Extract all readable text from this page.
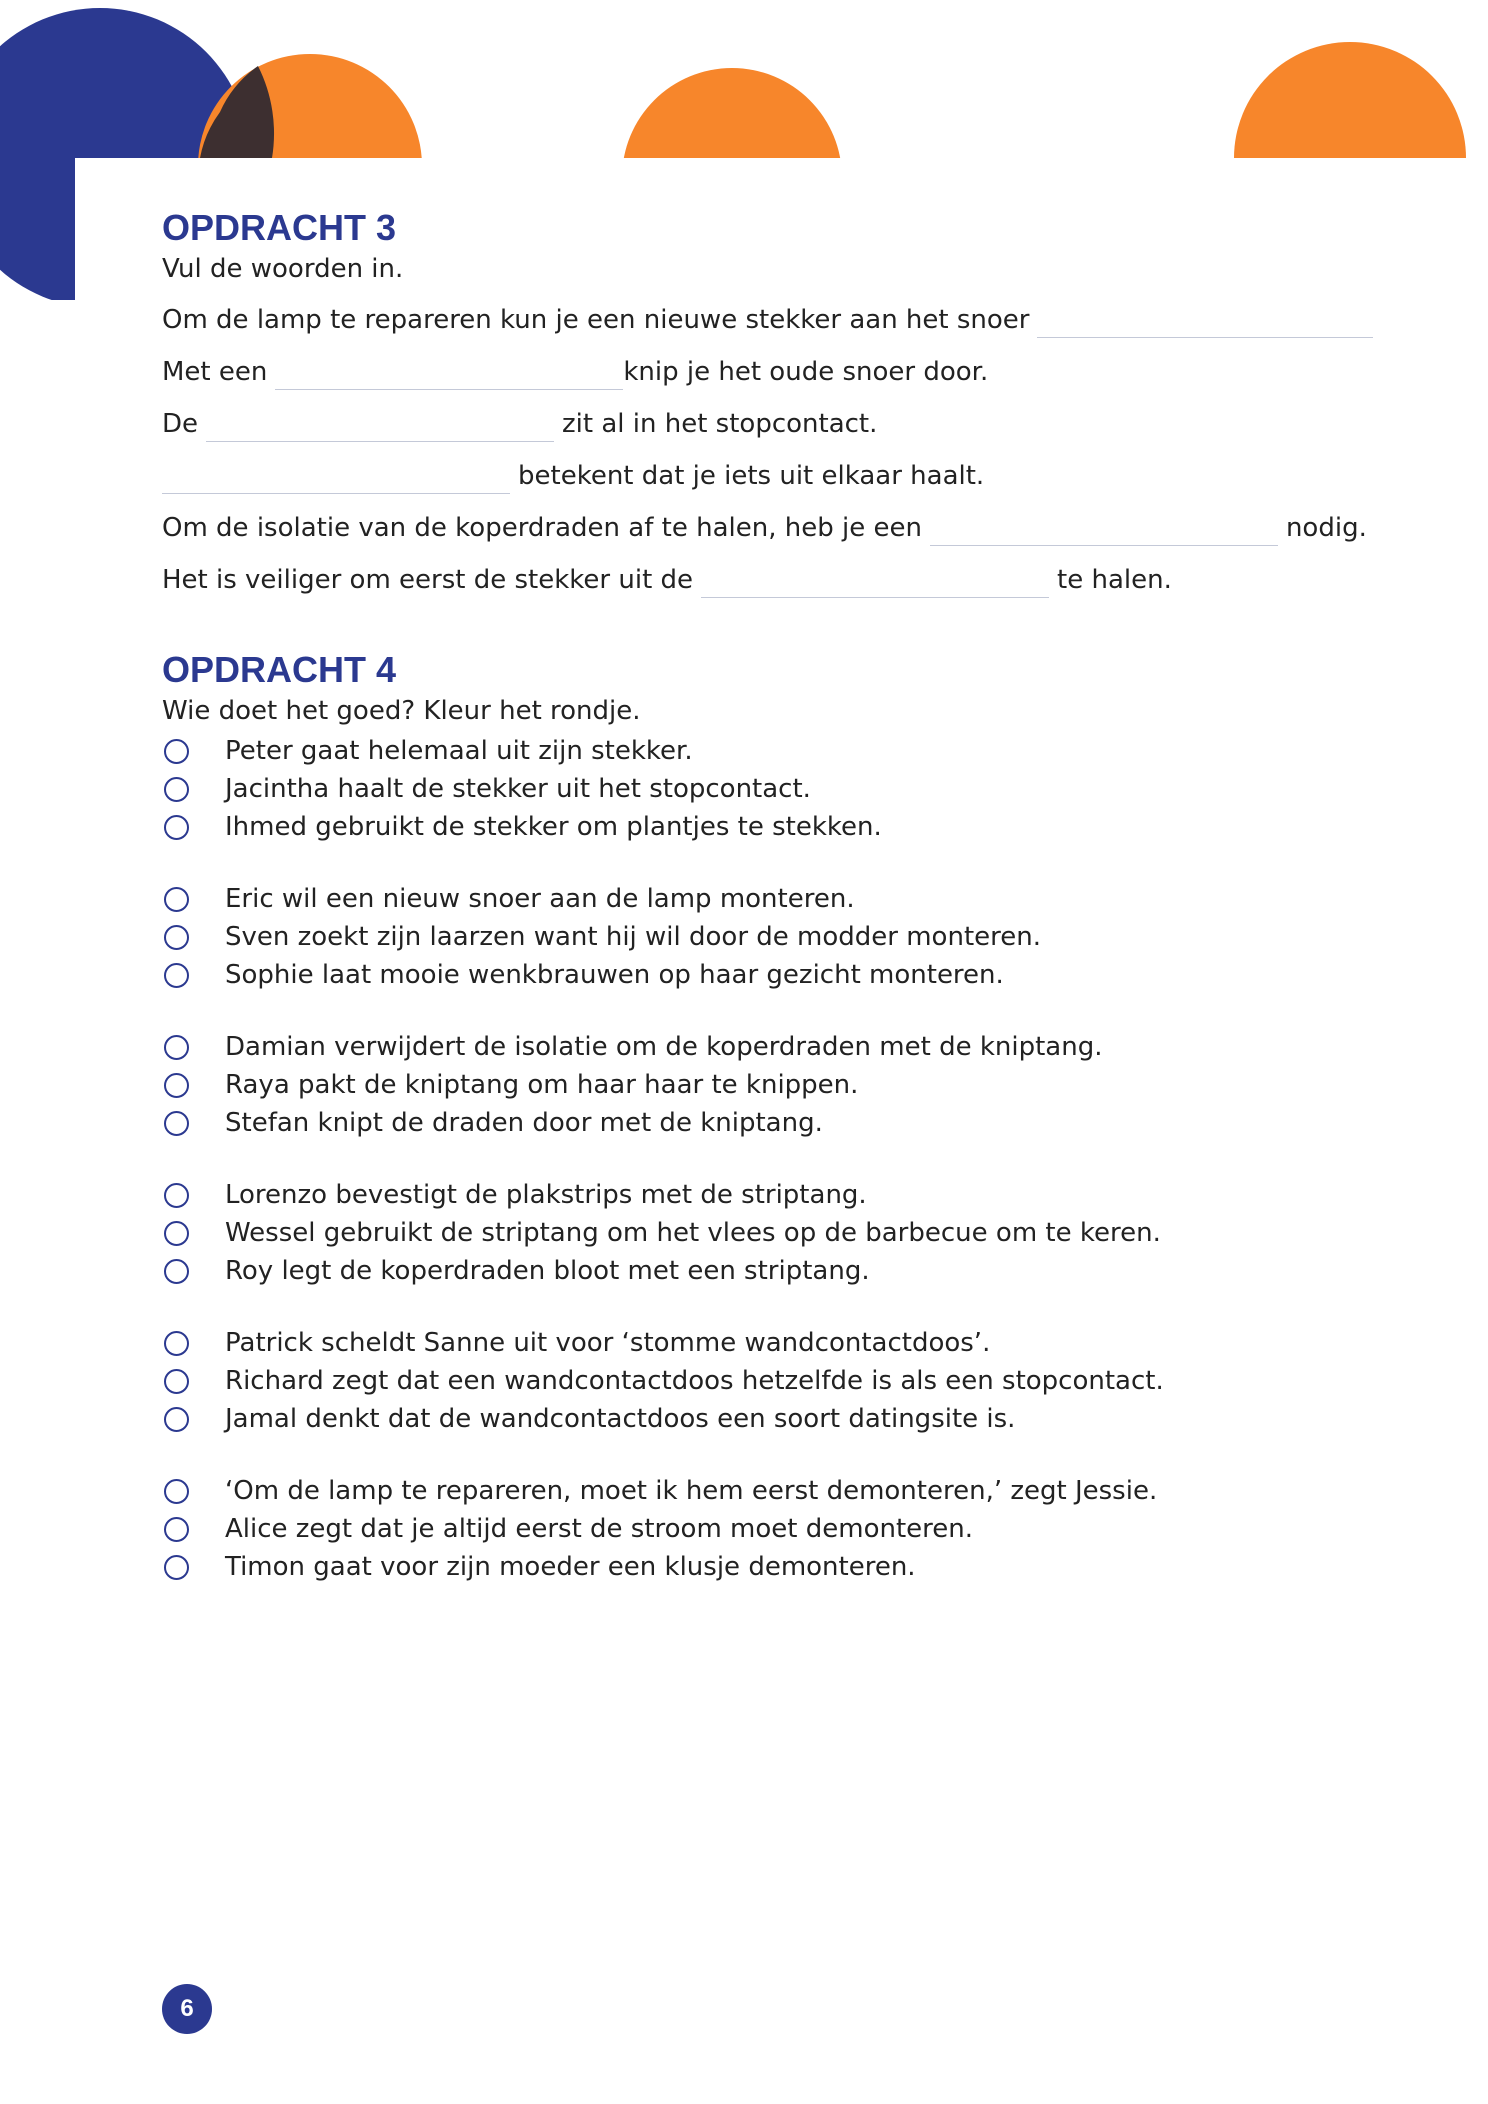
OPDRACHT 3
Vul de woorden in.
Om de lamp te repareren kun je een nieuwe stekker aan het snoer
Met een	knip je het oude snoer door.
De	zit al in het stopcontact.
betekent dat je iets uit elkaar haalt.
Om de isolatie van de koperdraden af te halen, heb je een	nodig.
Het is veiliger om eerst de stekker uit de	te halen.
OPDRACHT 4
Wie doet het goed? Kleur het rondje.
Peter gaat helemaal uit zijn stekker.
Jacintha haalt de stekker uit het stopcontact.
Ihmed gebruikt de stekker om plantjes te stekken.
Eric wil een nieuw snoer aan de lamp monteren.
Sven zoekt zijn laarzen want hij wil door de modder monteren.
Sophie laat mooie wenkbrauwen op haar gezicht monteren.
Damian verwijdert de isolatie om de koperdraden met de kniptang.
Raya pakt de kniptang om haar haar te knippen.
Stefan knipt de draden door met de kniptang.
Lorenzo bevestigt de plakstrips met de striptang.
Wessel gebruikt de striptang om het vlees op de barbecue om te keren.
Roy legt de koperdraden bloot met een striptang.
Patrick scheldt Sanne uit voor ‘stomme wandcontactdoos’.
Richard zegt dat een wandcontactdoos hetzelfde is als een stopcontact.
Jamal denkt dat de wandcontactdoos een soort datingsite is.
‘Om de lamp te repareren, moet ik hem eerst demonteren,’ zegt Jessie.
Alice zegt dat je altijd eerst de stroom moet demonteren.
Timon gaat voor zijn moeder een klusje demonteren.
6
